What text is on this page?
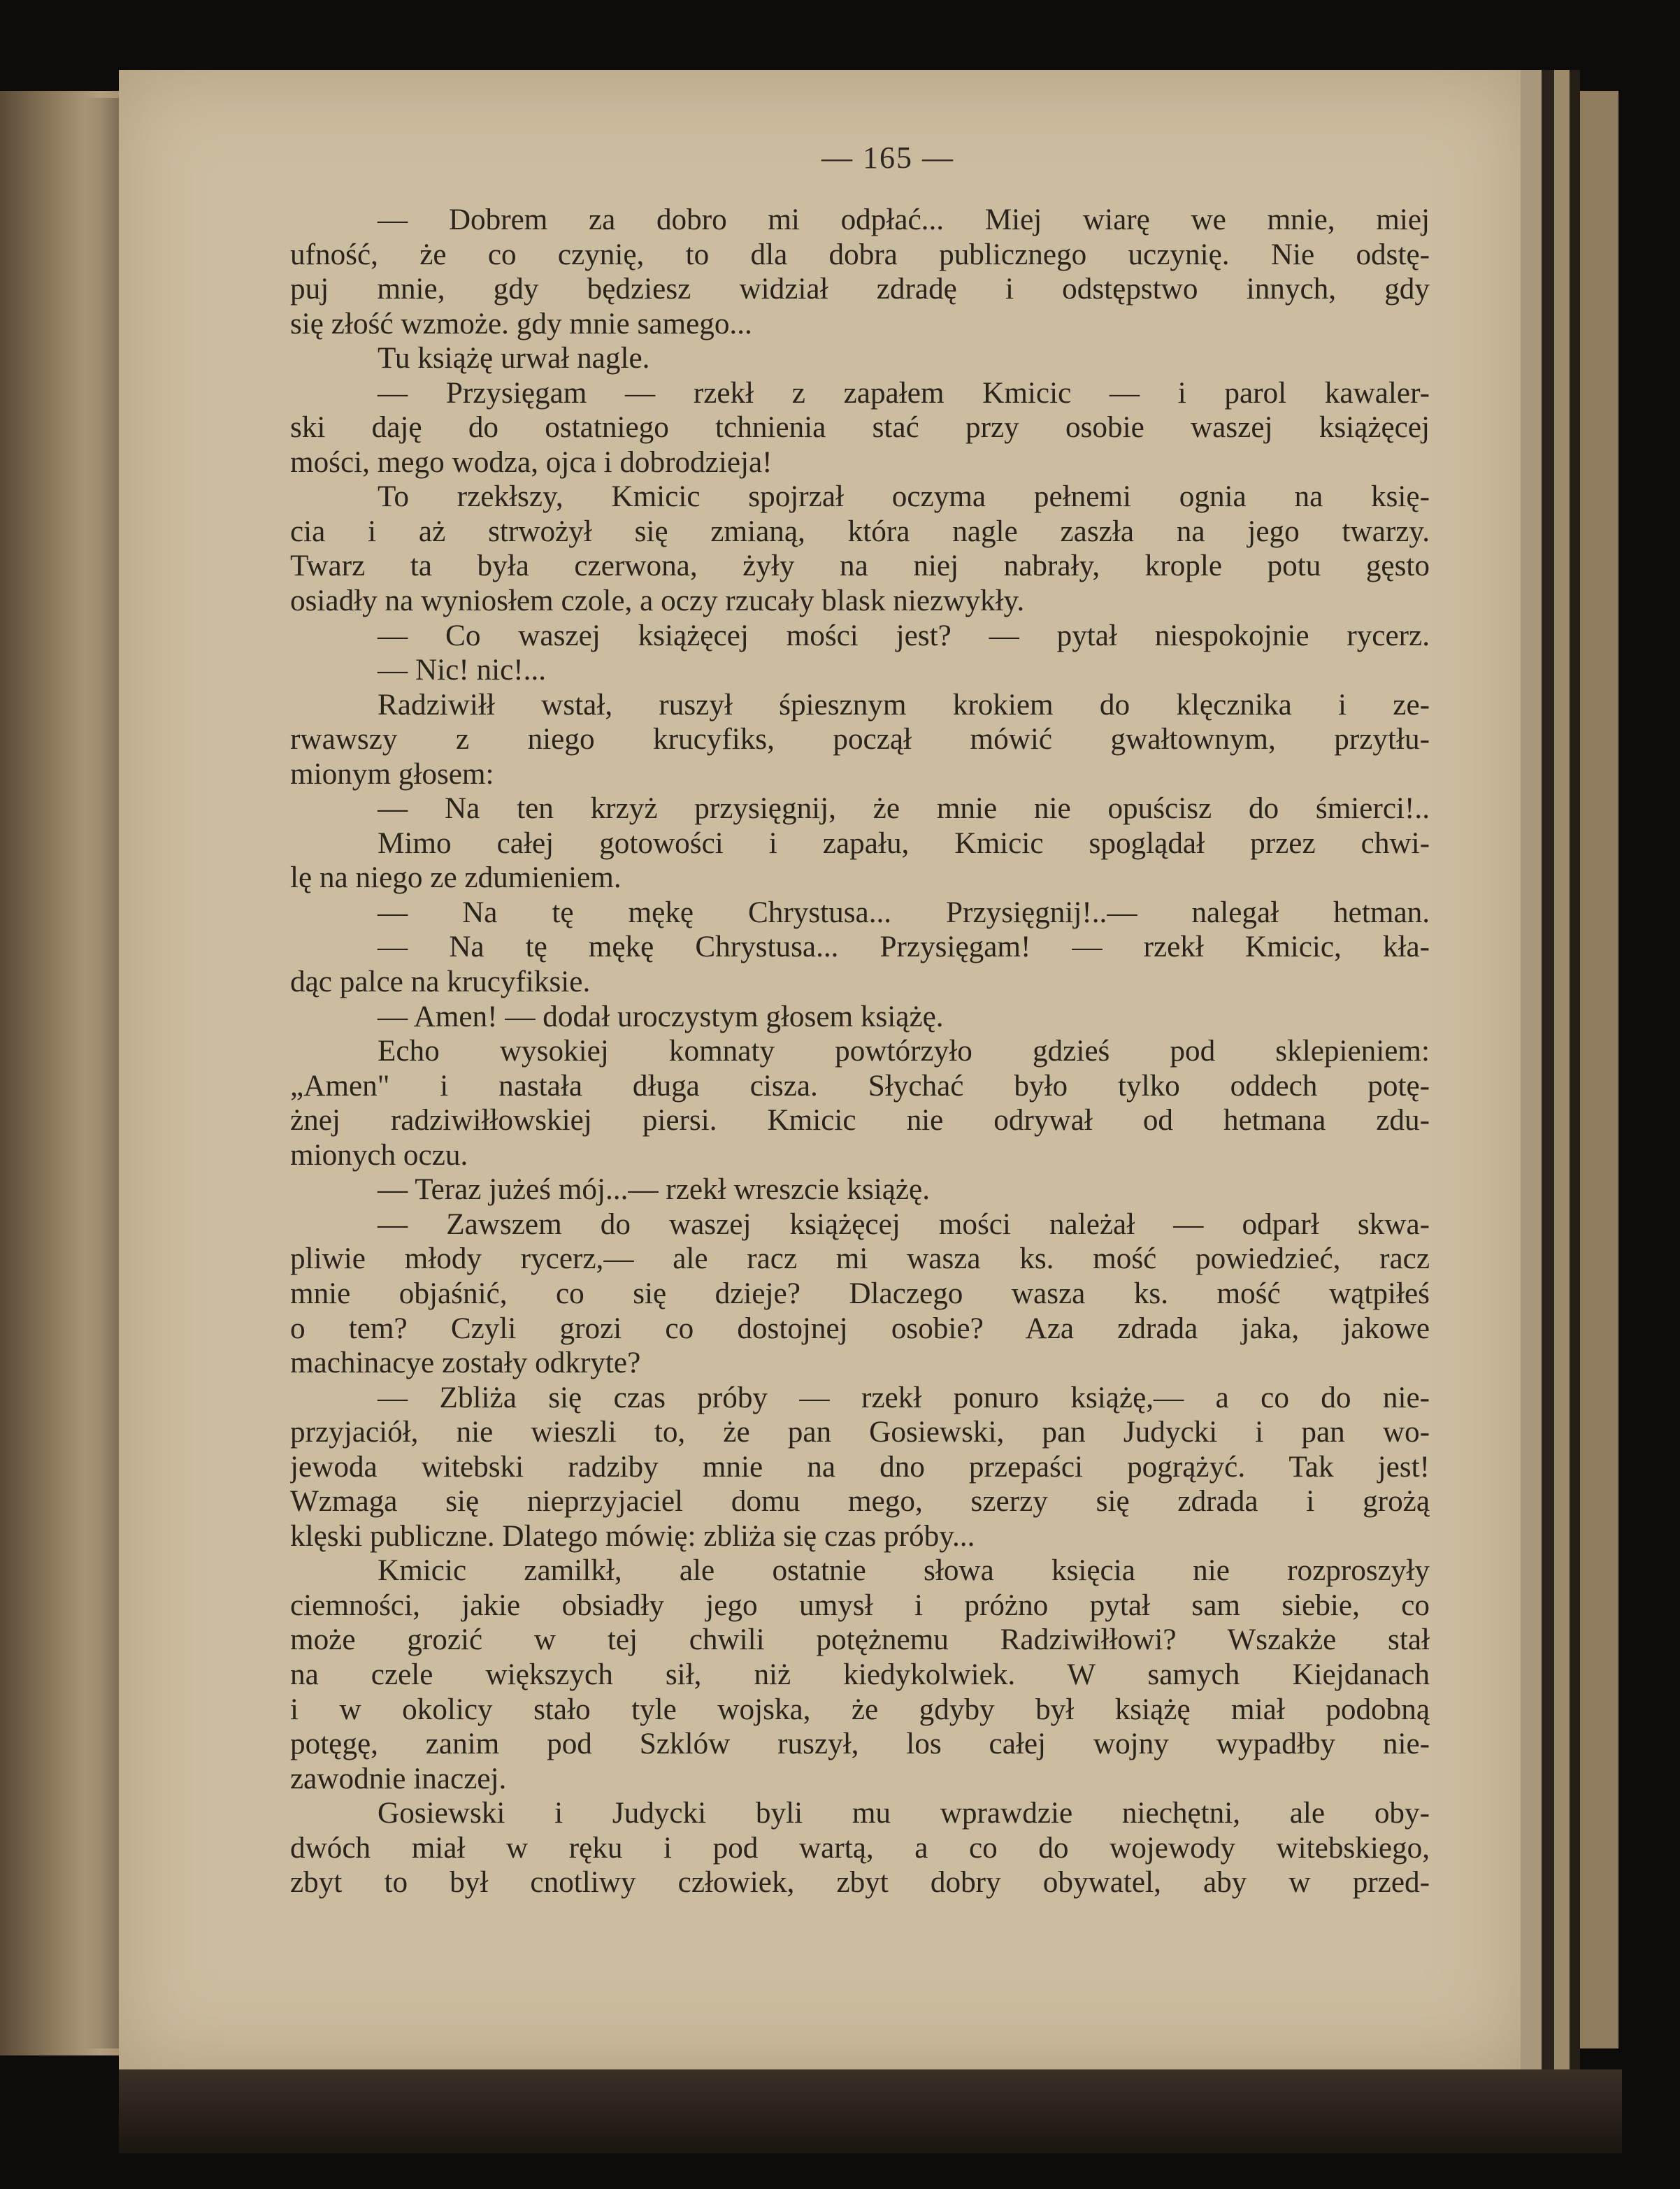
— 165 —
— Dobrem za dobro mi odpłać... Miej wiarę we mnie, miej
ufność, że co czynię, to dla dobra publicznego uczynię. Nie odstę-
puj mnie, gdy będziesz widział zdradę i odstępstwo innych, gdy
się złość wzmoże. gdy mnie samego...
Tu książę urwał nagle.
— Przysięgam — rzekł z zapałem Kmicic — i parol kawaler-
ski daję do ostatniego tchnienia stać przy osobie waszej książęcej
mości, mego wodza, ojca i dobrodzieja!
To rzekłszy, Kmicic spojrzał oczyma pełnemi ognia na księ-
cia i aż strwożył się zmianą, która nagle zaszła na jego twarzy.
Twarz ta była czerwona, żyły na niej nabrały, krople potu gęsto
osiadły na wyniosłem czole, a oczy rzucały blask niezwykły.
— Co waszej książęcej mości jest? — pytał niespokojnie rycerz.
— Nic! nic!...
Radziwiłł wstał, ruszył śpiesznym krokiem do klęcznika i ze-
rwawszy z niego krucyfiks, począł mówić gwałtownym, przytłu-
mionym głosem:
— Na ten krzyż przysięgnij, że mnie nie opuścisz do śmierci!..
Mimo całej gotowości i zapału, Kmicic spoglądał przez chwi-
lę na niego ze zdumieniem.
— Na tę mękę Chrystusa... Przysięgnij!..— nalegał hetman.
— Na tę mękę Chrystusa... Przysięgam! — rzekł Kmicic, kła-
dąc palce na krucyfiksie.
— Amen! — dodał uroczystym głosem książę.
Echo wysokiej komnaty powtórzyło gdzieś pod sklepieniem:
„Amen" i nastała długa cisza. Słychać było tylko oddech potę-
żnej radziwiłłowskiej piersi. Kmicic nie odrywał od hetmana zdu-
mionych oczu.
— Teraz jużeś mój...— rzekł wreszcie książę.
— Zawszem do waszej książęcej mości należał — odparł skwa-
pliwie młody rycerz,— ale racz mi wasza ks. mość powiedzieć, racz
mnie objaśnić, co się dzieje? Dlaczego wasza ks. mość wątpiłeś
o tem? Czyli grozi co dostojnej osobie? Aza zdrada jaka, jakowe
machinacye zostały odkryte?
— Zbliża się czas próby — rzekł ponuro książę,— a co do nie-
przyjaciół, nie wieszli to, że pan Gosiewski, pan Judycki i pan wo-
jewoda witebski radziby mnie na dno przepaści pogrążyć. Tak jest!
Wzmaga się nieprzyjaciel domu mego, szerzy się zdrada i grożą
klęski publiczne. Dlatego mówię: zbliża się czas próby...
Kmicic zamilkł, ale ostatnie słowa księcia nie rozproszyły
ciemności, jakie obsiadły jego umysł i próżno pytał sam siebie, co
może grozić w tej chwili potężnemu Radziwiłłowi? Wszakże stał
na czele większych sił, niż kiedykolwiek. W samych Kiejdanach
i w okolicy stało tyle wojska, że gdyby był książę miał podobną
potęgę, zanim pod Szklów ruszył, los całej wojny wypadłby nie-
zawodnie inaczej.
Gosiewski i Judycki byli mu wprawdzie niechętni, ale oby-
dwóch miał w ręku i pod wartą, a co do wojewody witebskiego,
zbyt to był cnotliwy człowiek, zbyt dobry obywatel, aby w przed-
